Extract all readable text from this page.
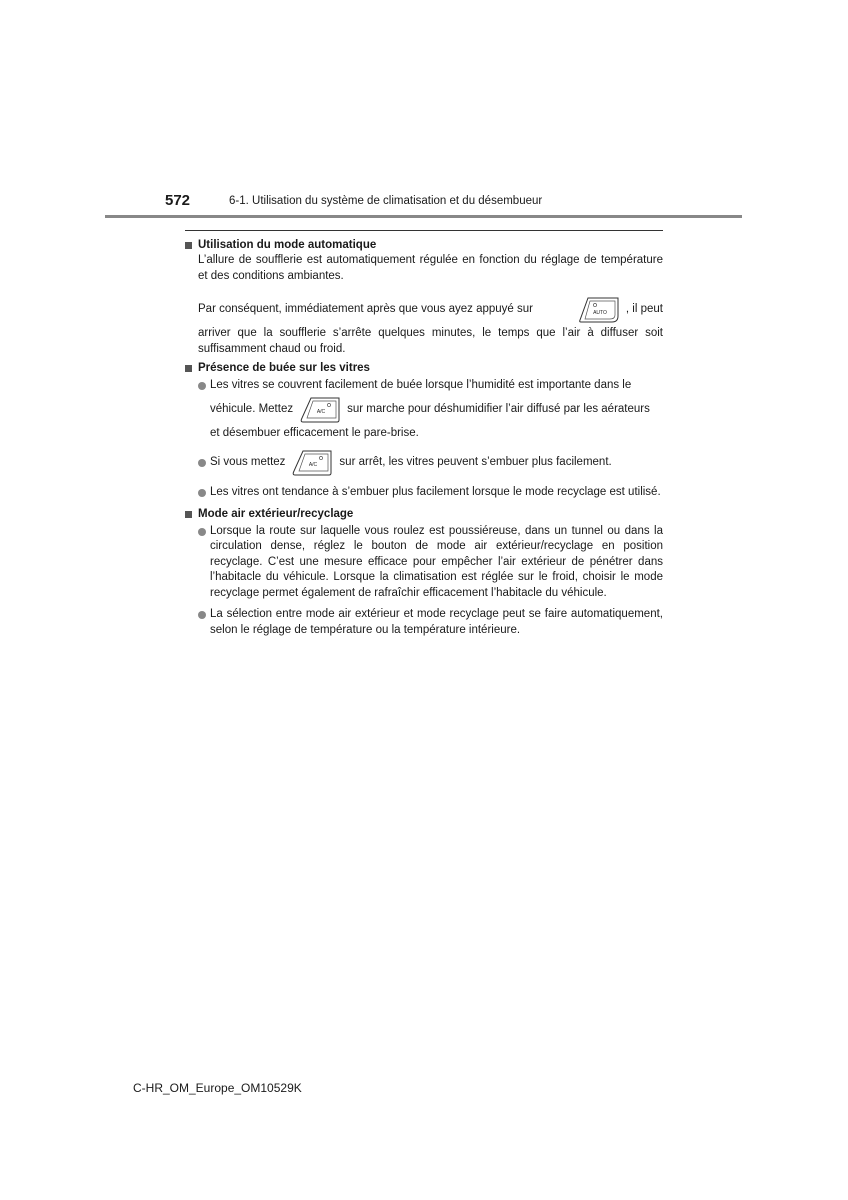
572	6-1. Utilisation du système de climatisation et du désembueur
Utilisation du mode automatique
L’allure de soufflerie est automatiquement régulée en fonction du réglage de température et des conditions ambiantes.
Par conséquent, immédiatement après que vous ayez appuyé sur	AUTO , il peut
arriver que la soufflerie s’arrête quelques minutes, le temps que l’air à diffuser soit suffisamment chaud ou froid.
Présence de buée sur les vitres
Les vitres se couvrent facilement de buée lorsque l’humidité est importante dans le
véhicule. Mettez	A/C sur marche pour déshumidifier l’air diffusé par les aérateurs
et désembuer efficacement le pare-brise.
Si vous mettez	A/C sur arrêt, les vitres peuvent s’embuer plus facilement.
Les vitres ont tendance à s’embuer plus facilement lorsque le mode recyclage est utilisé.
Mode air extérieur/recyclage
Lorsque la route sur laquelle vous roulez est poussiéreuse, dans un tunnel ou dans la circulation dense, réglez le bouton de mode air extérieur/recyclage en position recyclage. C’est une mesure efficace pour empêcher l’air extérieur de pénétrer dans l’habitacle du véhicule. Lorsque la climatisation est réglée sur le froid, choisir le mode recyclage permet également de rafraîchir efficacement l’habitacle du véhicule.
La sélection entre mode air extérieur et mode recyclage peut se faire automatiquement, selon le réglage de température ou la température intérieure.
C-HR_OM_Europe_OM10529K
